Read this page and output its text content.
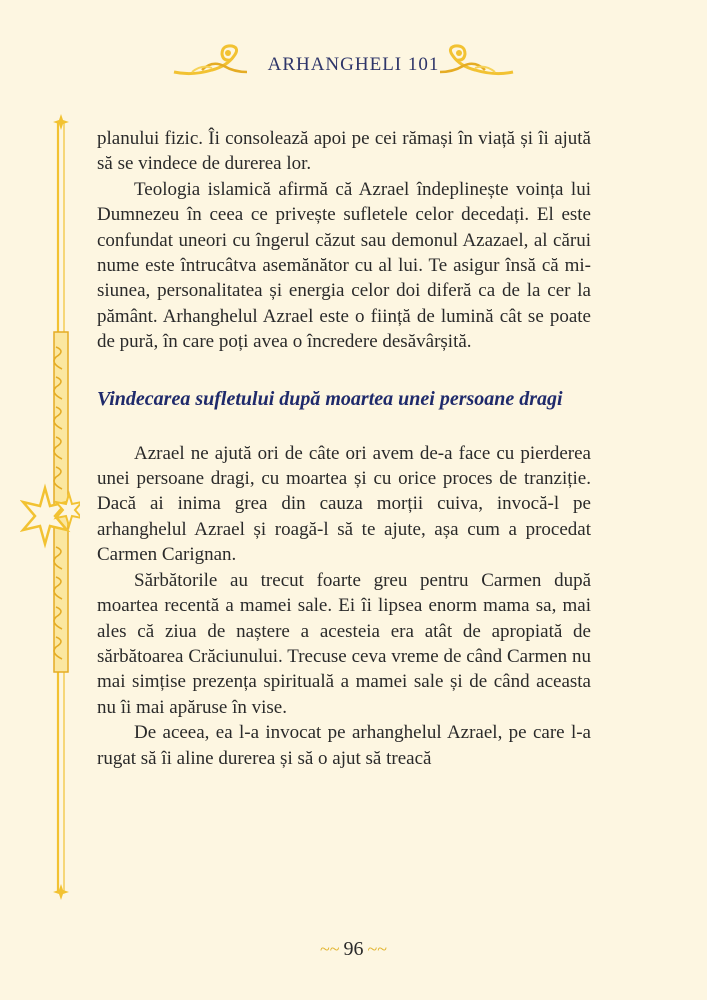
ARHANGHELI 101

planului fizic. Îi consolează apoi pe cei rămași în viață și îi ajută să se vindece de durerea lor.

Teologia islamică afirmă că Azrael îndeplinește voința lui Dumnezeu în ceea ce privește sufletele celor decedați. El este confundat uneori cu îngerul căzut sau demonul Azazael, al cărui nume este întrucâtva asemănător cu al lui. Te asigur însă că misiunea, personalitatea și energia celor doi diferă ca de la cer la pământ. Arhanghelul Azrael este o ființă de lumină cât se poate de pură, în care poți avea o încredere desăvârșită.

Vindecarea sufletului după moartea unei persoane dragi

Azrael ne ajută ori de câte ori avem de-a face cu pierderea unei persoane dragi, cu moartea și cu orice proces de tranziție. Dacă ai inima grea din cauza morții cuiva, invocă-l pe arhanghelul Azrael și roagă-l să te ajute, așa cum a procedat Carmen Carignan.

Sărbătorile au trecut foarte greu pentru Carmen după moartea recentă a mamei sale. Ei îi lipsea enorm mama sa, mai ales că ziua de naștere a acesteia era atât de apropiată de sărbătoarea Crăciunului. Trecuse ceva vreme de când Carmen nu mai simțise prezența spirituală a mamei sale și de când aceasta nu îi mai apăruse în vise.

De aceea, ea l-a invocat pe arhanghelul Azrael, pe care l-a rugat să îi aline durerea și să o ajut să treacă

~~ 96 ~~
